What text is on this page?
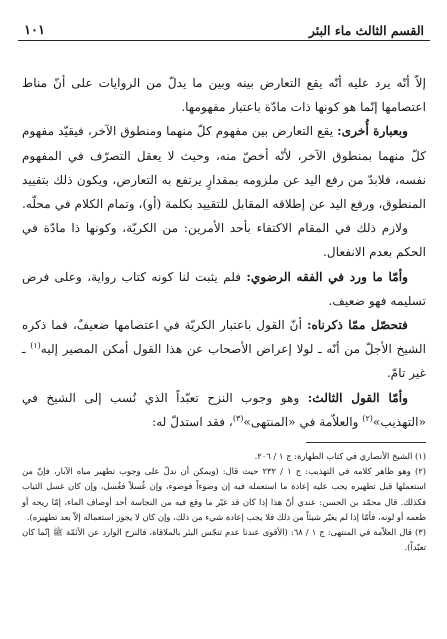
القسم الثالث ماء البئر
١٠١

إلاّ أنّه يرد عليه أنّه يقع التعارض بينه وبين ما يدلّ من الروايات على أنّ مناط اعتصامها إنّما هو كونها ذات مادّة باعتبار مفهومها.

وبعبارة أُخرى: يقع التعارض بين مفهوم كلّ منهما ومنطوق الآخر، فيقيّد مفهوم كلّ منهما بمنطوق الآخر، لأنّه أخصّ منه، وحيث لا يعقل التصرّف في المفهوم نفسه، فلابدّ من رفع اليد عن ملزومه بمقدارٍ يرتفع به التعارض، ويكون ذلك بتقييد المنطوق، ورفع اليد عن إطلاقه المقابل للتقييد بكلمة (أو)، وتمام الكلام في محلّه.

ولازم ذلك في المقام الاكتفاء بأحد الأمرين: من الكريّة، وكونها ذا مادّة في الحكم بعدم الانفعال.

وأمّا ما ورد في الفقه الرضوي: فلم يثبت لنا كونه كتاب رواية، وعلى فرض تسليمه فهو ضعيف.

فتحصّل ممّا ذكرناه: أنّ القول باعتبار الكريّة في اعتصامها ضعيفٌ، فما ذكره الشيخ الأجلّ من أنّه ـ لولا إعراض الأصحاب عن هذا القول أمكن المصير إليه$^{(١)}$ ـ غير تامّ.

وأمّا القول الثالث: وهو وجوب النزح تعبّداً الذي نُسب إلى الشيخ في «التهذيب»$^{(٢)}$ والعلاّمة في «المنتهى»$^{(٣)}$، فقد استدلّ له:

(١) الشيخ الأنصاري في كتاب الطهارة: ج ١ / ٢٠٦.

(٢) وهو ظاهر كلامه في التهذيب: ج ١ / ٢٣٢ حيث قال: (ويمكن أن ندلّ على وجوب تطهير مياه الآبار، فإنّ من استعملها قبل تطهيره يجب عليه إعادة ما استعمله فيه إن وضوءاً فوضوء، وإن غُسلاً فغُسل، وإن كان غسل الثياب فكذلك. قال محمّد بن الحسن: عندي أنّ هذا إذا كان قد غيّر ما وقع فيه من النجاسة أحد أوصاف الماء، إمّا ريحه أو طعمه أو لونه، فأمّا إذا لم يغيّر شيئاً من ذلك فلا يجب إعادة شيء من ذلك، وإن كان لا يجوز استعماله إلاّ بعد تطهيره).

(٣) قال العلاّمة في المنتهى: ج ١ / ٦٨: (الأقوى عندنا عدم تنجّس البئر بالملاقاة، فالنزح الوارد عن الأئمّة ﷺ إنّما كان تعبّداً).
